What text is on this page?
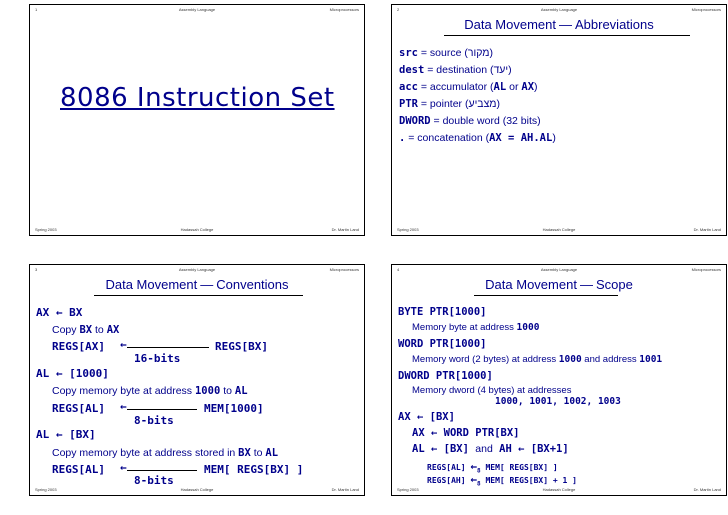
1	Assembly Language	Microprocessors
8086 Instruction Set
Spring 2003	Hadassah College	Dr. Martin Land
2	Assembly Language	Microprocessors
Data Movement — Abbreviations
src = source (מקור)
dest = destination (יעד)
acc = accumulator (AL or AX)
PTR = pointer (מצביע)
DWORD = double word (32 bits)
. = concatenation (AX = AH.AL)
Spring 2003	Hadassah College	Dr. Martin Land
3	Assembly Language	Microprocessors
Data Movement — Conventions
AX ← BX
Copy BX to AX
REGS[AX] ←	REGS[BX]
16-bits
AL ← [1000]
Copy memory byte at address 1000 to AL
REGS[AL] ←	MEM[1000]
8-bits
AL ← [BX]
Copy memory byte at address stored in BX to AL
REGS[AL] ←	MEM[ REGS[BX] ]
8-bits
Spring 2003	Hadassah College	Dr. Martin Land
4	Assembly Language	Microprocessors
Data Movement — Scope
BYTE PTR[1000]
Memory byte at address 1000
WORD PTR[1000]
Memory word (2 bytes) at address 1000 and address 1001
DWORD PTR[1000]
Memory dword (4 bytes) at addresses
1000, 1001, 1002, 1003
AX ← [BX]
AX ← WORD PTR[BX]
AL ← [BX] and AH ← [BX+1]
REGS[AL] $\leftarrow_8$ MEM[ REGS[BX] ]
REGS[AH] $\leftarrow_8$ MEM[ REGS[BX] + 1 ]
Spring 2003	Hadassah College	Dr. Martin Land
